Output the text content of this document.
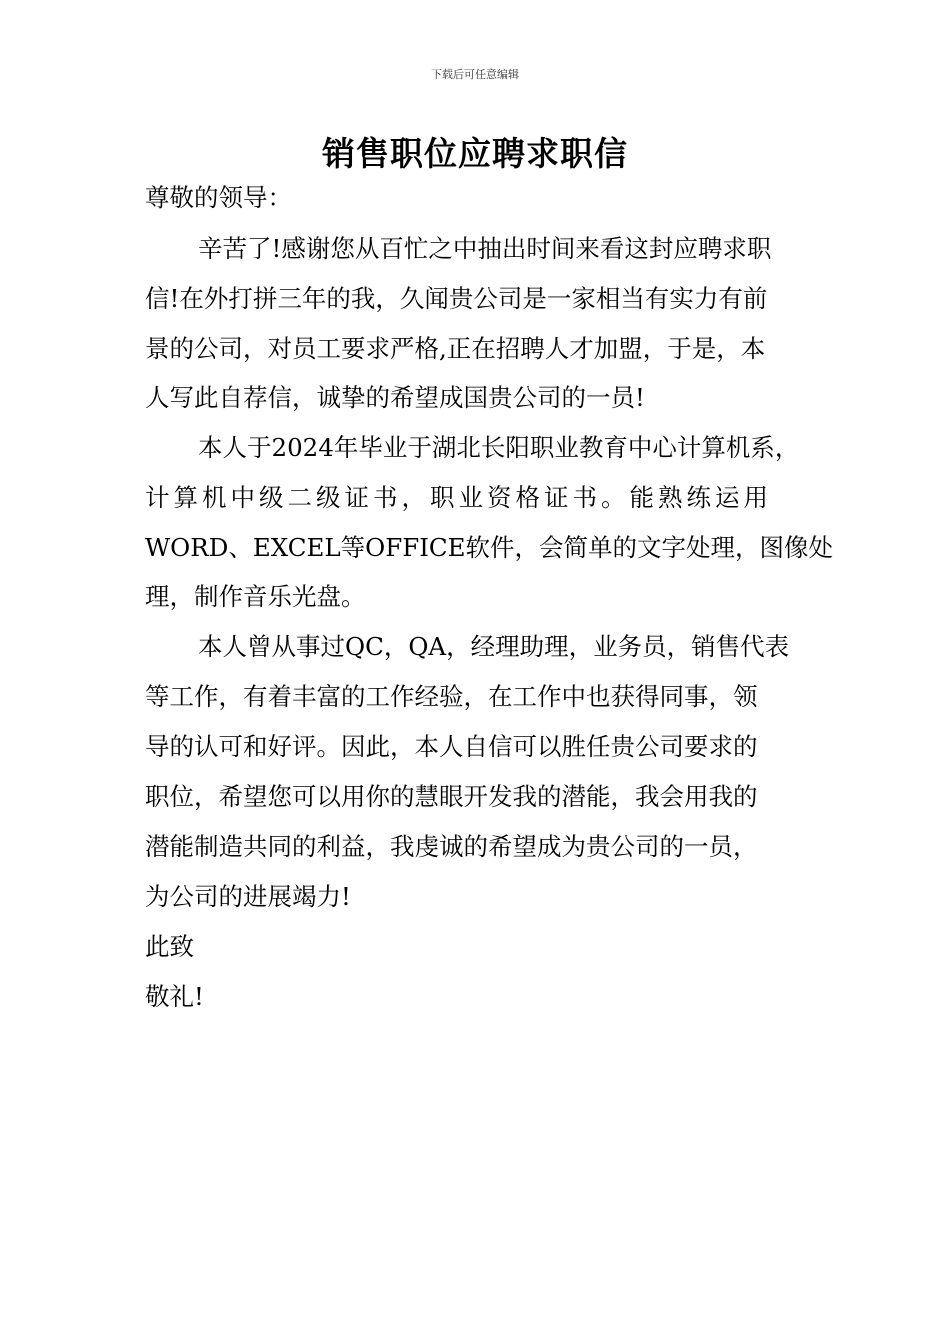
下载后可任意编辑
销售职位应聘求职信
尊敬的领导：
辛苦了!感谢您从百忙之中抽出时间来看这封应聘求职
信!在外打拼三年的我，久闻贵公司是一家相当有实力有前
景的公司，对员工要求严格,正在招聘人才加盟，于是，本
人写此自荐信，诚挚的希望成国贵公司的一员!
本人于2024年毕业于湖北长阳职业教育中心计算机系，
计算机中级二级证书，职业资格证书。能熟练运用
WORD、EXCEL等OFFICE软件，会简单的文字处理，图像处
理，制作音乐光盘。
本人曾从事过QC，QA，经理助理，业务员，销售代表
等工作，有着丰富的工作经验，在工作中也获得同事，领
导的认可和好评。因此，本人自信可以胜任贵公司要求的
职位，希望您可以用你的慧眼开发我的潜能，我会用我的
潜能制造共同的利益，我虔诚的希望成为贵公司的一员，
为公司的进展竭力!
此致
敬礼!
